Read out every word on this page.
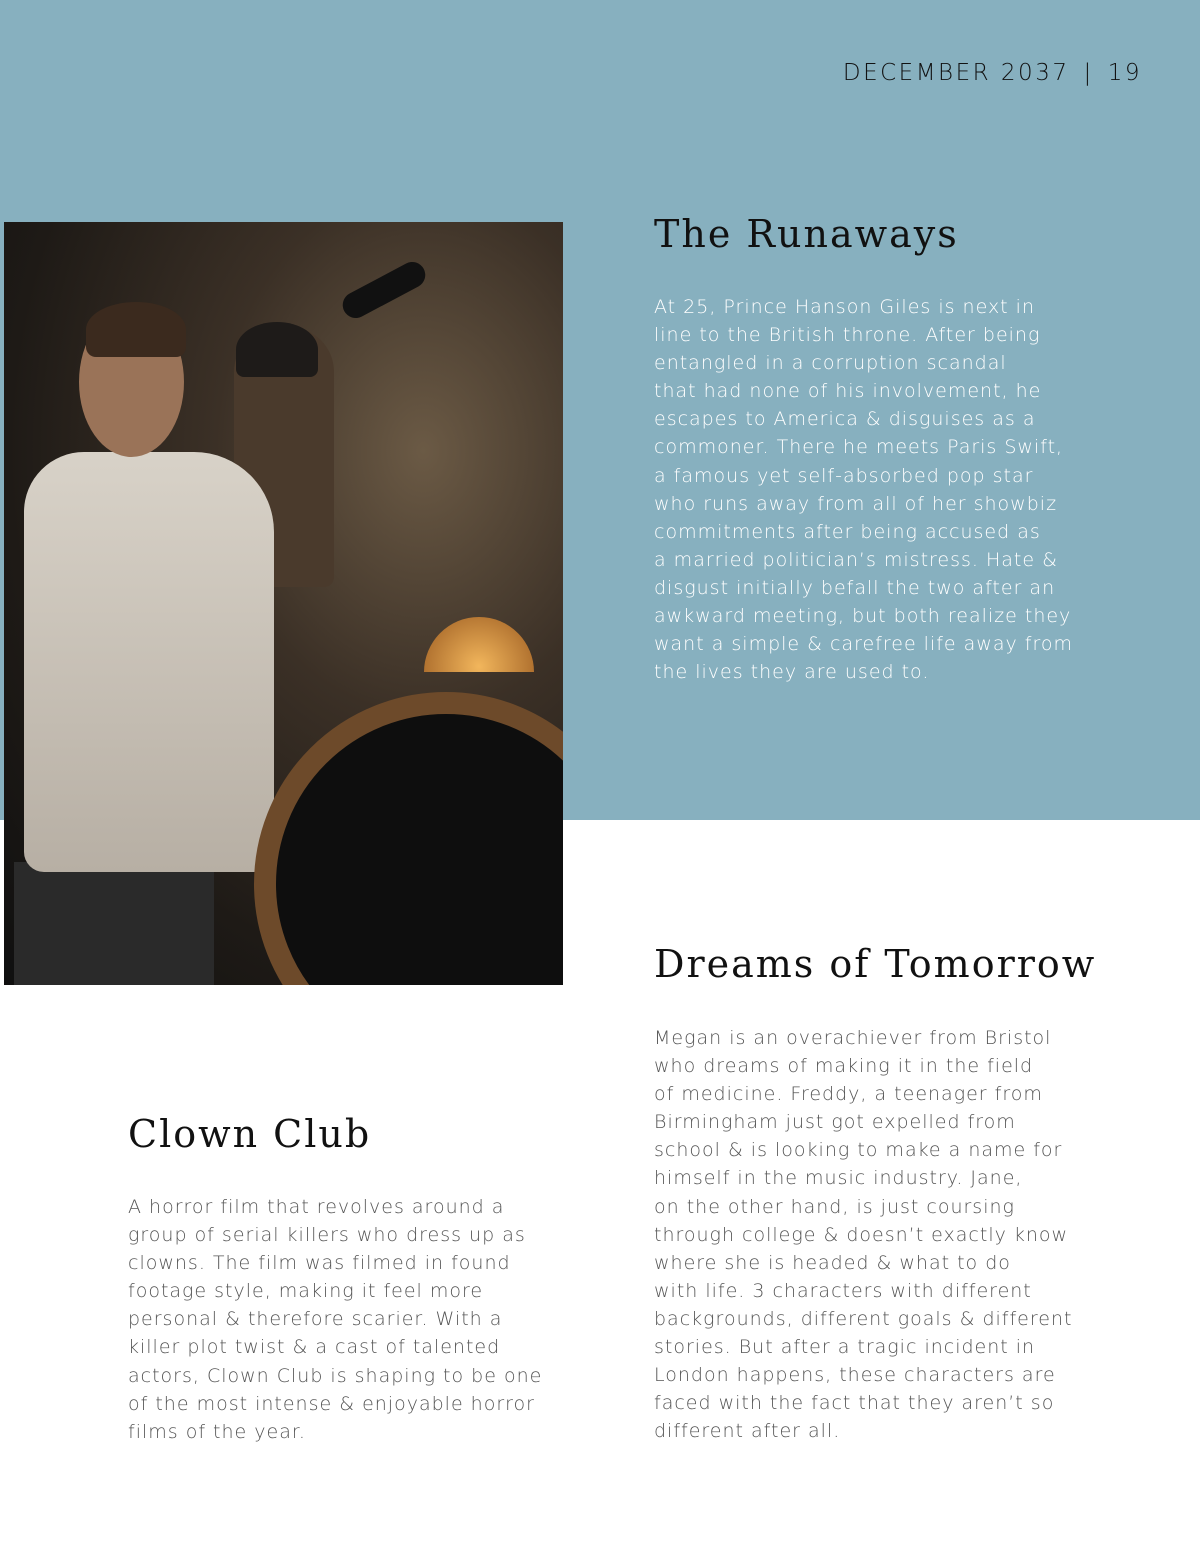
DECEMBER 2037 | 19
The Runaways
At 25, Prince Hanson Giles is next in
line to the British throne. After being
entangled in a corruption scandal
that had none of his involvement, he
escapes to America & disguises as a
commoner. There he meets Paris Swift,
a famous yet self-absorbed pop star
who runs away from all of her showbiz
commitments after being accused as
a married politician’s mistress. Hate &
disgust initially befall the two after an
awkward meeting, but both realize they
want a simple & carefree life away from
the lives they are used to.
Dreams of Tomorrow
Megan is an overachiever from Bristol
who dreams of making it in the field
of medicine. Freddy, a teenager from
Birmingham just got expelled from
school & is looking to make a name for
himself in the music industry. Jane,
on the other hand, is just coursing
through college & doesn’t exactly know
where she is headed & what to do
with life. 3 characters with different
backgrounds, different goals & different
stories. But after a tragic incident in
London happens, these characters are
faced with the fact that they aren’t so
different after all.
Clown Club
A horror film that revolves around a
group of serial killers who dress up as
clowns. The film was filmed in found
footage style, making it feel more
personal & therefore scarier. With a
killer plot twist & a cast of talented
actors, Clown Club is shaping to be one
of the most intense & enjoyable horror
films of the year.
